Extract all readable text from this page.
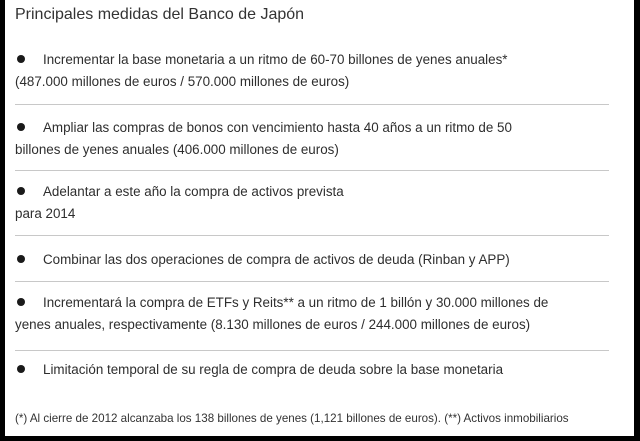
Principales medidas del Banco de Japón
Incrementar la base monetaria a un ritmo de 60-70 billones de yenes anuales*
(487.000 millones de euros / 570.000 millones de euros)
Ampliar las compras de bonos con vencimiento hasta 40 años a un ritmo de 50
billones de yenes anuales (406.000 millones de euros)
Adelantar a este año la compra de activos prevista
para 2014
Combinar las dos operaciones de compra de activos de deuda (Rinban y APP)
Incrementará la compra de ETFs y Reits** a un ritmo de 1 billón y 30.000 millones de
yenes anuales, respectivamente (8.130 millones de euros / 244.000 millones de euros)
Limitación temporal de su regla de compra de deuda sobre la base monetaria
(*) Al cierre de 2012 alcanzaba los 138 billones de yenes (1,121 billones de euros). (**) Activos inmobiliarios
